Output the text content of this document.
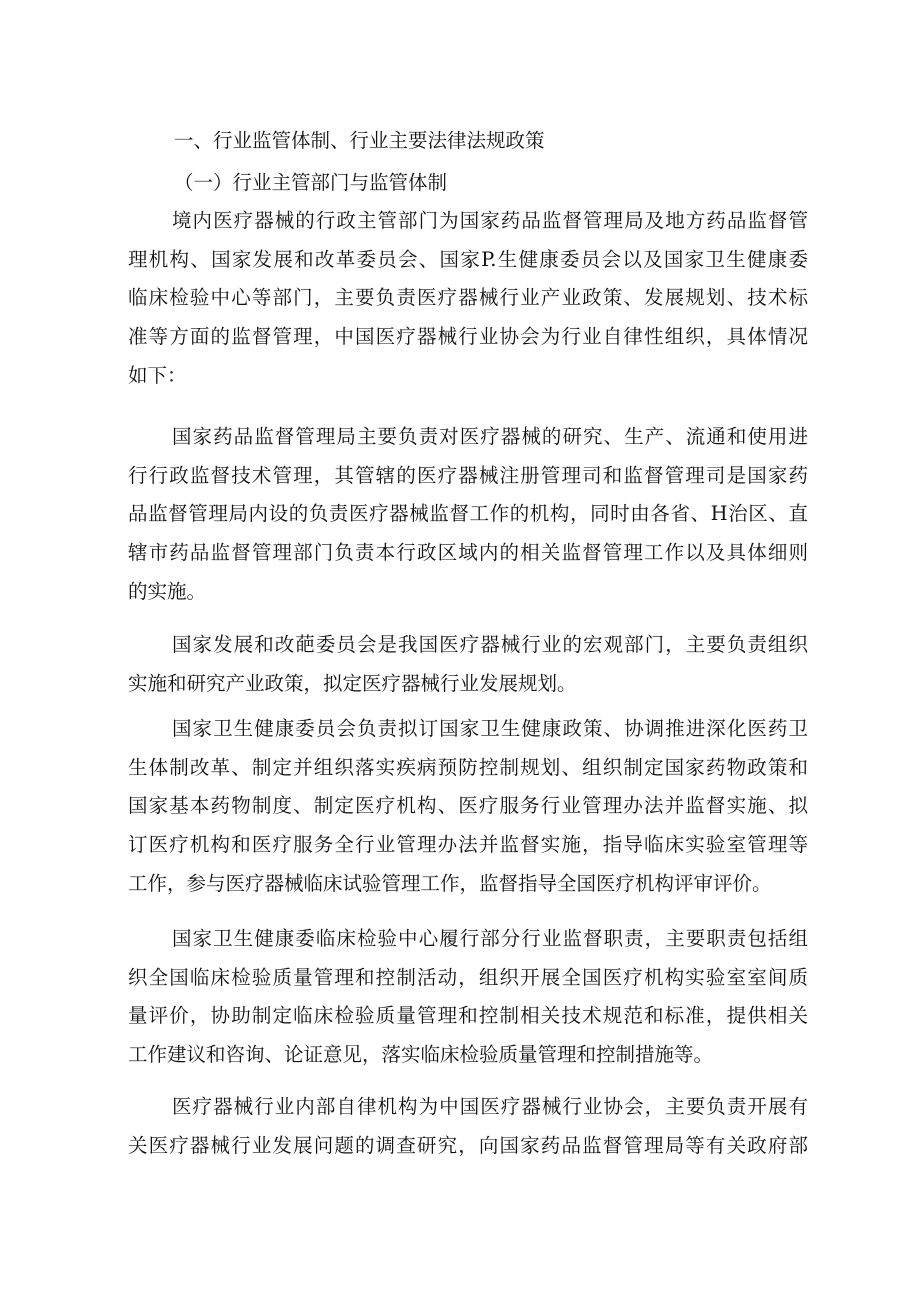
一、行业监管体制、行业主要法律法规政策
（一）行业主管部门与监管体制
境内医疗器械的行政主管部门为国家药品监督管理局及地方药品监督管
理机构、国家发展和改革委员会、国家P.生健康委员会以及国家卫生健康委
临床检验中心等部门，主要负责医疗器械行业产业政策、发展规划、技术标
准等方面的监督管理，中国医疗器械行业协会为行业自律性组织，具体情况
如下：
国家药品监督管理局主要负责对医疗器械的研究、生产、流通和使用进
行行政监督技术管理，其管辖的医疗器械注册管理司和监督管理司是国家药
品监督管理局内设的负责医疗器械监督工作的机构，同时由各省、H治区、直
辖市药品监督管理部门负责本行政区域内的相关监督管理工作以及具体细则
的实施。
国家发展和改葩委员会是我国医疗器械行业的宏观部门，主要负责组织
实施和研究产业政策，拟定医疗器械行业发展规划。
国家卫生健康委员会负责拟订国家卫生健康政策、协调推进深化医药卫
生体制改革、制定并组织落实疾病预防控制规划、组织制定国家药物政策和
国家基本药物制度、制定医疗机构、医疗服务行业管理办法并监督实施、拟
订医疗机构和医疗服务全行业管理办法并监督实施，指导临床实验室管理等
工作，参与医疗器械临床试验管理工作，监督指导全国医疗机构评审评价。
国家卫生健康委临床检验中心履行部分行业监督职责，主要职责包括组
织全国临床检验质量管理和控制活动，组织开展全国医疗机构实验室室间质
量评价，协助制定临床检验质量管理和控制相关技术规范和标准，提供相关
工作建议和咨询、论证意见，落实临床检验质量管理和控制措施等。
医疗器械行业内部自律机构为中国医疗器械行业协会，主要负责开展有
关医疗器械行业发展问题的调查研究，向国家药品监督管理局等有关政府部
